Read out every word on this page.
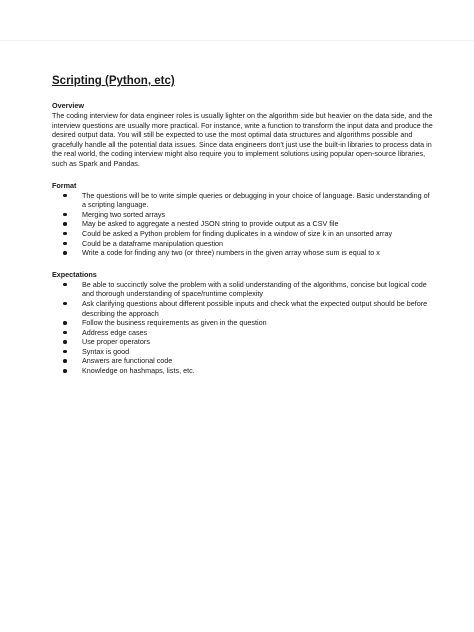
Scripting (Python, etc)
Overview

The coding interview for data engineer roles is usually lighter on the algorithm side but heavier on the data side, and the interview questions are usually more practical. For instance, write a function to transform the input data and produce the desired output data. You will still be expected to use the most optimal data structures and algorithms possible and gracefully handle all the potential data issues. Since data engineers don't just use the built-in libraries to process data in the real world, the coding interview might also require you to implement solutions using popular open-source libraries, such as Spark and Pandas.

Format
The questions will be to write simple queries or debugging in your choice of language. Basic understanding of a scripting language.
Merging two sorted arrays
May be asked to aggregate a nested JSON string to provide output as a CSV file
Could be asked a Python problem for finding duplicates in a window of size k in an unsorted array
Could be a dataframe manipulation question
Write a code for finding any two (or three) numbers in the given array whose sum is equal to x
Expectations
Be able to succinctly solve the problem with a solid understanding of the algorithms, concise but logical code and thorough understanding of space/runtime complexity
Ask clarifying questions about different possible inputs and check what the expected output should be before describing the approach
Follow the business requirements as given in the question
Address edge cases
Use proper operators
Syntax is good
Answers are functional code
Knowledge on hashmaps, lists, etc.
